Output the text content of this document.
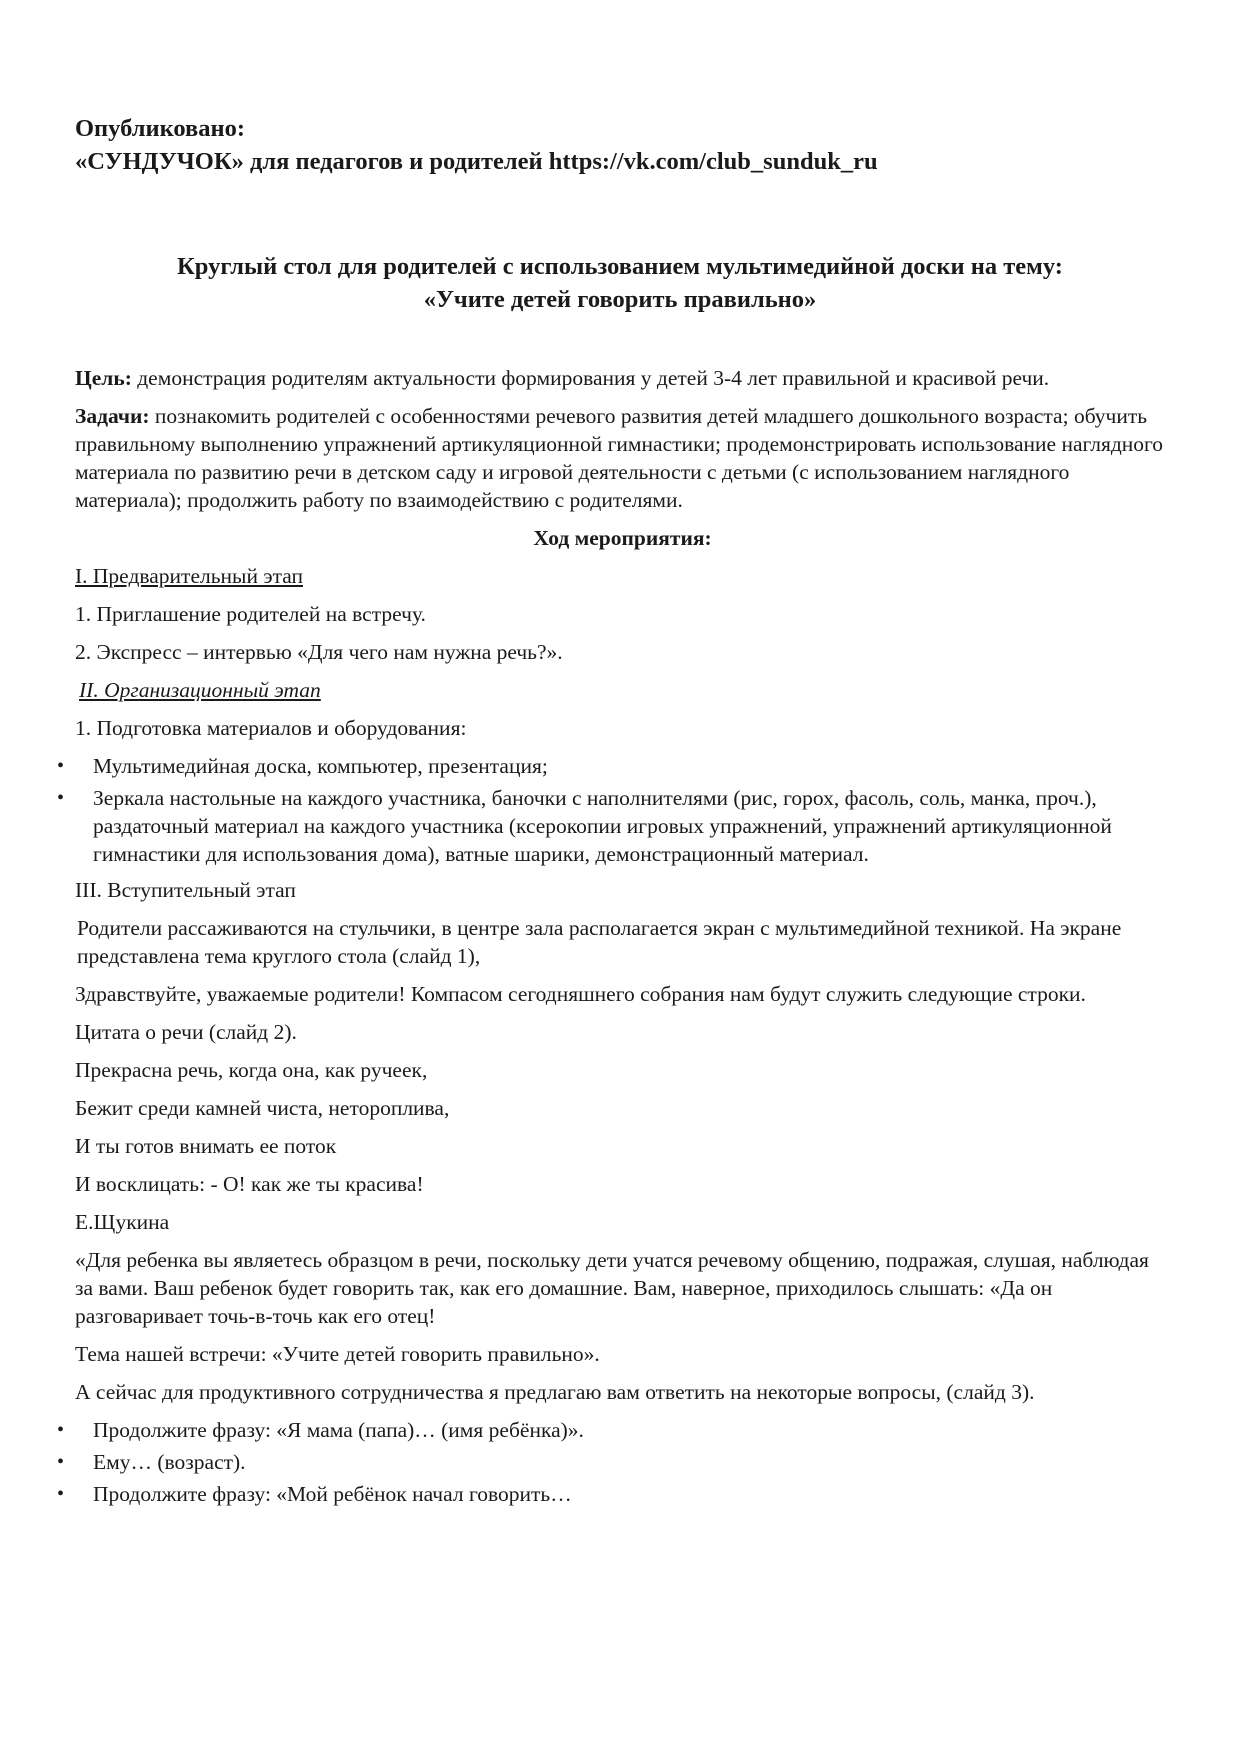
Опубликовано:
«СУНДУЧОК» для педагогов и родителей https://vk.com/club_sunduk_ru
Круглый стол для родителей с использованием мультимедийной доски на тему:
«Учите детей говорить правильно»

Цель: демонстрация родителям актуальности формирования у детей 3-4 лет правильной и красивой речи.

Задачи: познакомить родителей с особенностями речевого развития детей младшего дошкольного возраста; обучить правильному выполнению упражнений артикуляционной гимнастики; продемонстрировать использование наглядного материала по развитию речи в детском саду и игровой деятельности с детьми (с использованием наглядного материала); продолжить работу по взаимодействию с родителями.

Ход мероприятия:

I. Предварительный этап

1. Приглашение родителей на встречу.

2. Экспресс – интервью «Для чего нам нужна речь?».

II. Организационный этап

1. Подготовка материалов и оборудования:

• Мультимедийная доска, компьютер, презентация;
• Зеркала настольные на каждого участника, баночки с наполнителями (рис, горох, фасоль, соль, манка, проч.), раздаточный материал на каждого участника (ксерокопии игровых упражнений, упражнений артикуляционной гимнастики для использования дома), ватные шарики, демонстрационный материал.

III. Вступительный этап

Родители рассаживаются на стульчики, в центре зала располагается экран с мультимедийной техникой. На экране представлена тема круглого стола (слайд 1),

Здравствуйте, уважаемые родители! Компасом сегодняшнего собрания нам будут служить следующие строки.

Цитата о речи (слайд 2).

Прекрасна речь, когда она, как ручеек,

Бежит среди камней чиста, нетороплива,

И ты готов внимать ее поток

И восклицать: - О! как же ты красива!

Е.Щукина

«Для ребенка вы являетесь образцом в речи, поскольку дети учатся речевому общению, подражая, слушая, наблюдая за вами. Ваш ребенок будет говорить так, как его домашние. Вам, наверное, приходилось слышать: «Да он разговаривает точь-в-точь как его отец!

Тема нашей встречи: «Учите детей говорить правильно».

А сейчас для продуктивного сотрудничества я предлагаю вам ответить на некоторые вопросы, (слайд 3).

• Продолжите фразу: «Я мама (папа)… (имя ребёнка)».
• Ему… (возраст).
• Продолжите фразу: «Мой ребёнок начал говорить…
